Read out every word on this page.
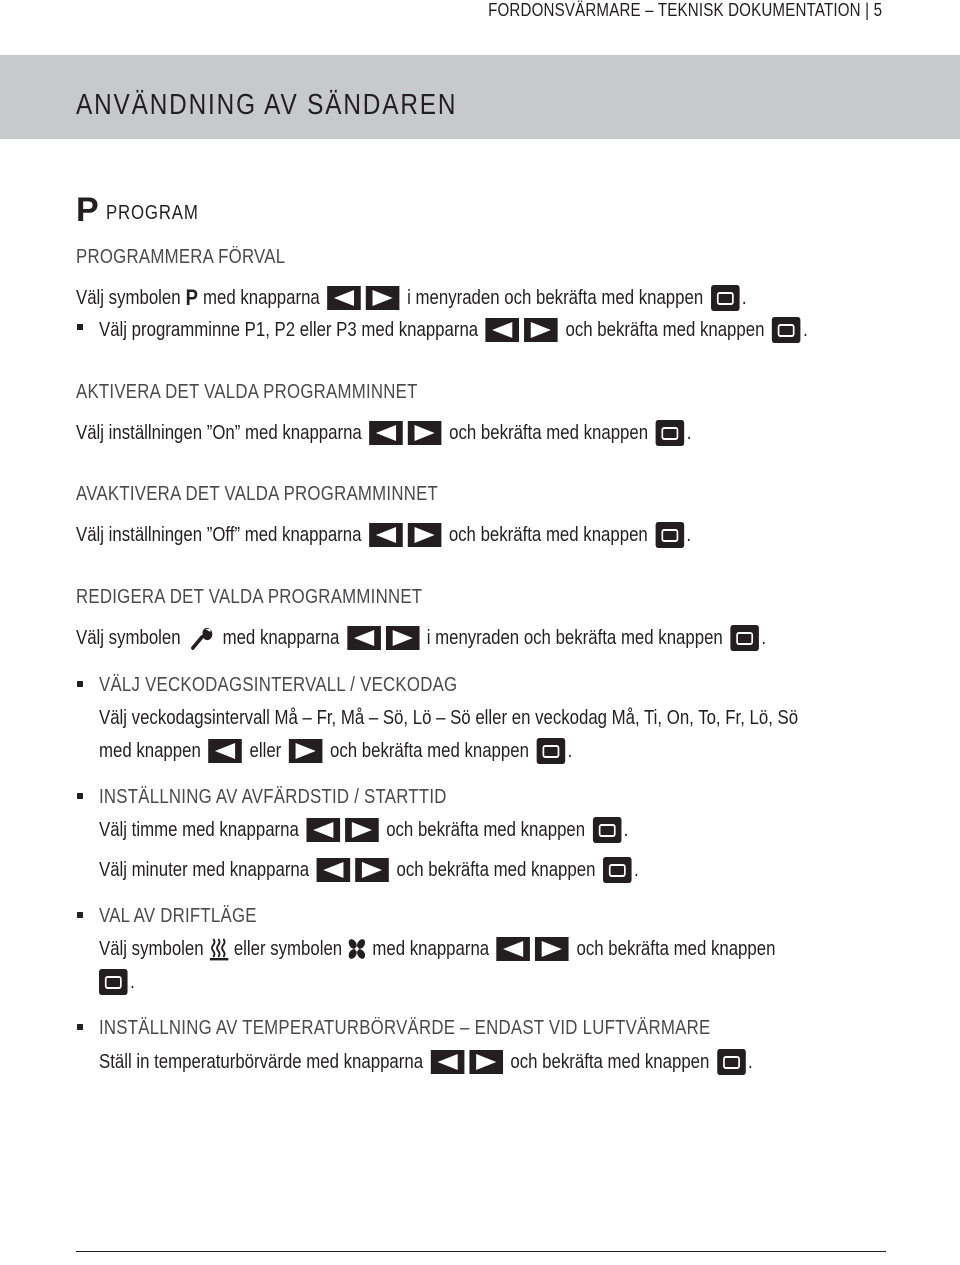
FORDONSVÄRMARE – TEKNISK DOKUMENTATION | 5
ANVÄNDNING AV SÄNDAREN
P PROGRAM
PROGRAMMERA FÖRVAL
Välj symbolen P med knapparna	i menyraden och bekräfta med knappen .
Välj programminne P1, P2 eller P3 med knapparna	och bekräfta med knappen .
AKTIVERA DET VALDA PROGRAMMINNET
Välj inställningen ”On” med knapparna	och bekräfta med knappen .
AVAKTIVERA DET VALDA PROGRAMMINNET
Välj inställningen ”Off” med knapparna	och bekräfta med knappen .
REDIGERA DET VALDA PROGRAMMINNET
Välj symbolen med knapparna	i menyraden och bekräfta med knappen .
VÄLJ VECKODAGSINTERVALL / VECKODAG
Välj veckodagsintervall Må – Fr, Må – Sö, Lö – Sö eller en veckodag Må, Ti, On, To, Fr, Lö, Sö
med knappen eller och bekräfta med knappen .
INSTÄLLNING AV AVFÄRDSTID / STARTTID
Välj timme med knapparna	och bekräfta med knappen .
Välj minuter med knapparna	och bekräfta med knappen .
VAL AV DRIFTLÄGE
Välj symbolen eller symbolen med knapparna	och bekräfta med knappen
.
INSTÄLLNING AV TEMPERATURBÖRVÄRDE – ENDAST VID LUFTVÄRMARE
Ställ in temperaturbörvärde med knapparna	och bekräfta med knappen .
